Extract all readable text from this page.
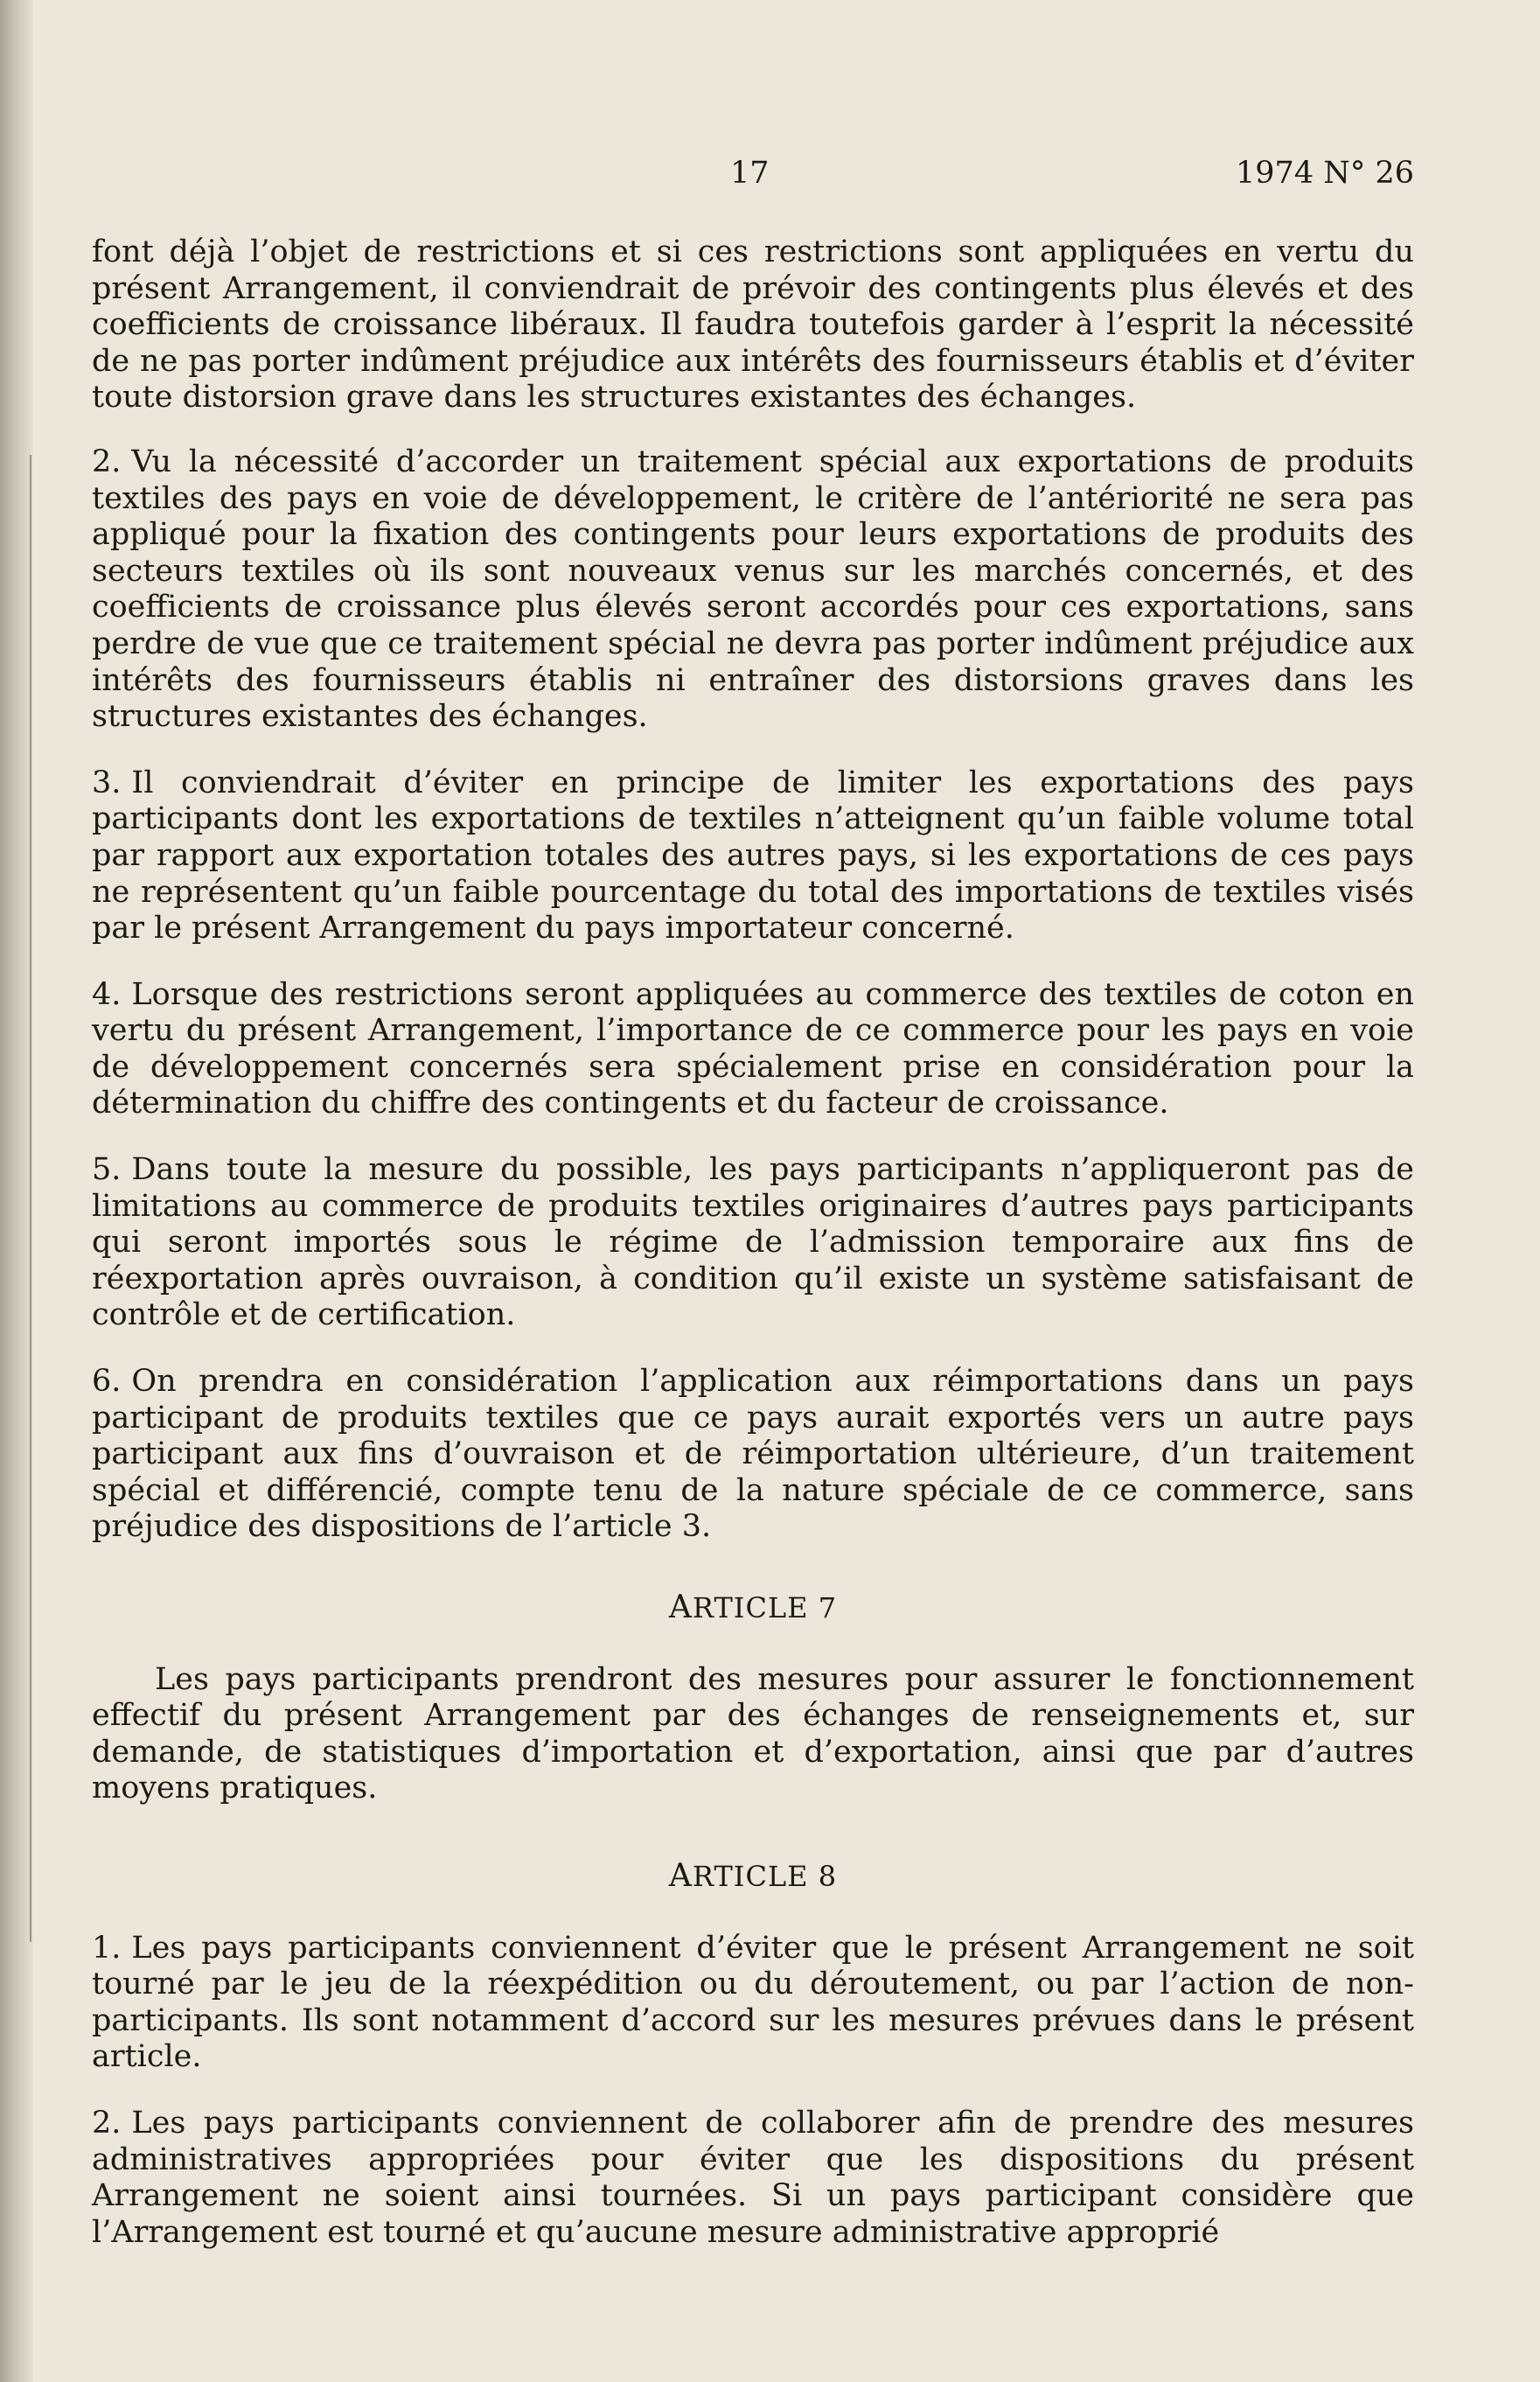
17	1974 N° 26

font déjà l’objet de restrictions et si ces restrictions sont appliquées en vertu du présent Arrangement, il conviendrait de prévoir des contingents plus élevés et des coefficients de croissance libéraux. Il faudra toutefois garder à l’esprit la nécessité de ne pas porter indûment préjudice aux intérêts des fournisseurs établis et d’éviter toute distorsion grave dans les structures existantes des échanges.

2. Vu la nécessité d’accorder un traitement spécial aux exportations de produits textiles des pays en voie de développement, le critère de l’antériorité ne sera pas appliqué pour la fixation des contingents pour leurs exportations de produits des secteurs textiles où ils sont nouveaux venus sur les marchés concernés, et des coefficients de croissance plus élevés seront accordés pour ces exportations, sans perdre de vue que ce traitement spécial ne devra pas porter indûment préjudice aux intérêts des fournisseurs établis ni entraîner des distorsions graves dans les structures existantes des échanges.

3. Il conviendrait d’éviter en principe de limiter les exportations des pays participants dont les exportations de textiles n’atteignent qu’un faible volume total par rapport aux exportation totales des autres pays, si les exportations de ces pays ne représentent qu’un faible pourcentage du total des importations de textiles visés par le présent Arrangement du pays importateur concerné.

4. Lorsque des restrictions seront appliquées au commerce des textiles de coton en vertu du présent Arrangement, l’importance de ce commerce pour les pays en voie de développement concernés sera spécialement prise en considération pour la détermination du chiffre des contingents et du facteur de croissance.

5. Dans toute la mesure du possible, les pays participants n’appliqueront pas de limitations au commerce de produits textiles originaires d’autres pays participants qui seront importés sous le régime de l’admission temporaire aux fins de réexportation après ouvraison, à condition qu’il existe un système satisfaisant de contrôle et de certification.

6. On prendra en considération l’application aux réimportations dans un pays participant de produits textiles que ce pays aurait exportés vers un autre pays participant aux fins d’ouvraison et de réimportation ultérieure, d’un traitement spécial et différencié, compte tenu de la nature spéciale de ce commerce, sans préjudice des dispositions de l’article 3.

ARTICLE 7

Les pays participants prendront des mesures pour assurer le fonctionnement effectif du présent Arrangement par des échanges de renseignements et, sur demande, de statistiques d’importation et d’exportation, ainsi que par d’autres moyens pratiques.

ARTICLE 8

1. Les pays participants conviennent d’éviter que le présent Arrangement ne soit tourné par le jeu de la réexpédition ou du déroutement, ou par l’action de non-participants. Ils sont notamment d’accord sur les mesures prévues dans le présent article.

2. Les pays participants conviennent de collaborer afin de prendre des mesures administratives appropriées pour éviter que les dispositions du présent Arrangement ne soient ainsi tournées. Si un pays participant considère que l’Arrangement est tourné et qu’aucune mesure administrative approprié
